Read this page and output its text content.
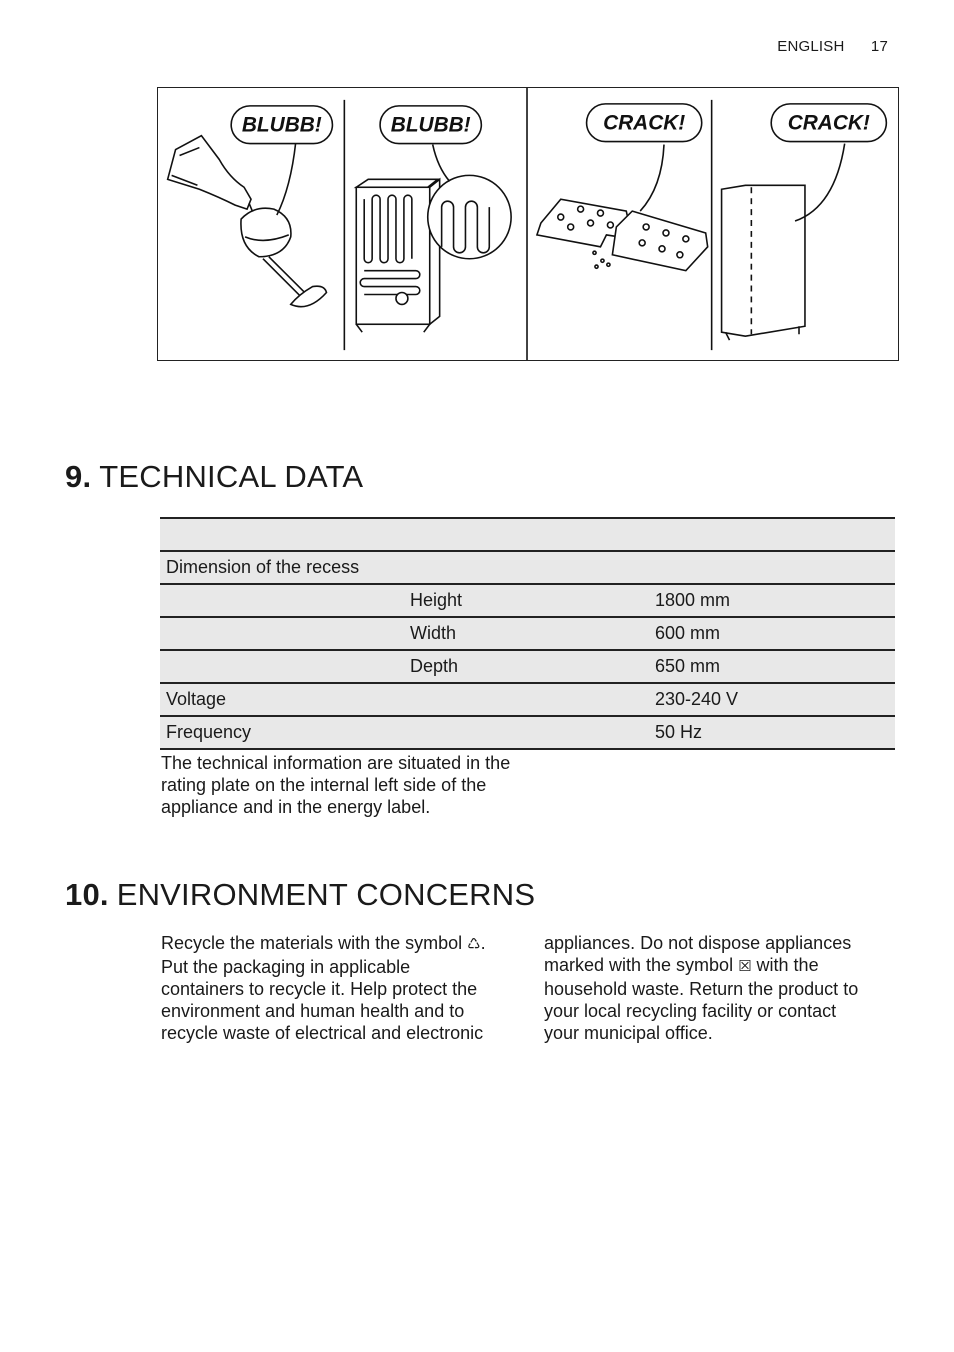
ENGLISH 17
BLUBB!	BLUBB!	CRACK!	CRACK!
9. TECHNICAL DATA
Dimension of the recess
Height	1800 mm
Width	600 mm
Depth	650 mm
Voltage	230-240 V
Frequency	50 Hz
The technical information are situated in the rating plate on the internal left side of the appliance and in the energy label.
10. ENVIRONMENT CONCERNS
Recycle the materials with the symbol ♺. Put the packaging in applicable containers to recycle it. Help protect the environment and human health and to recycle waste of electrical and electronic
appliances. Do not dispose appliances marked with the symbol ☒ with the household waste. Return the product to your local recycling facility or contact your municipal office.
